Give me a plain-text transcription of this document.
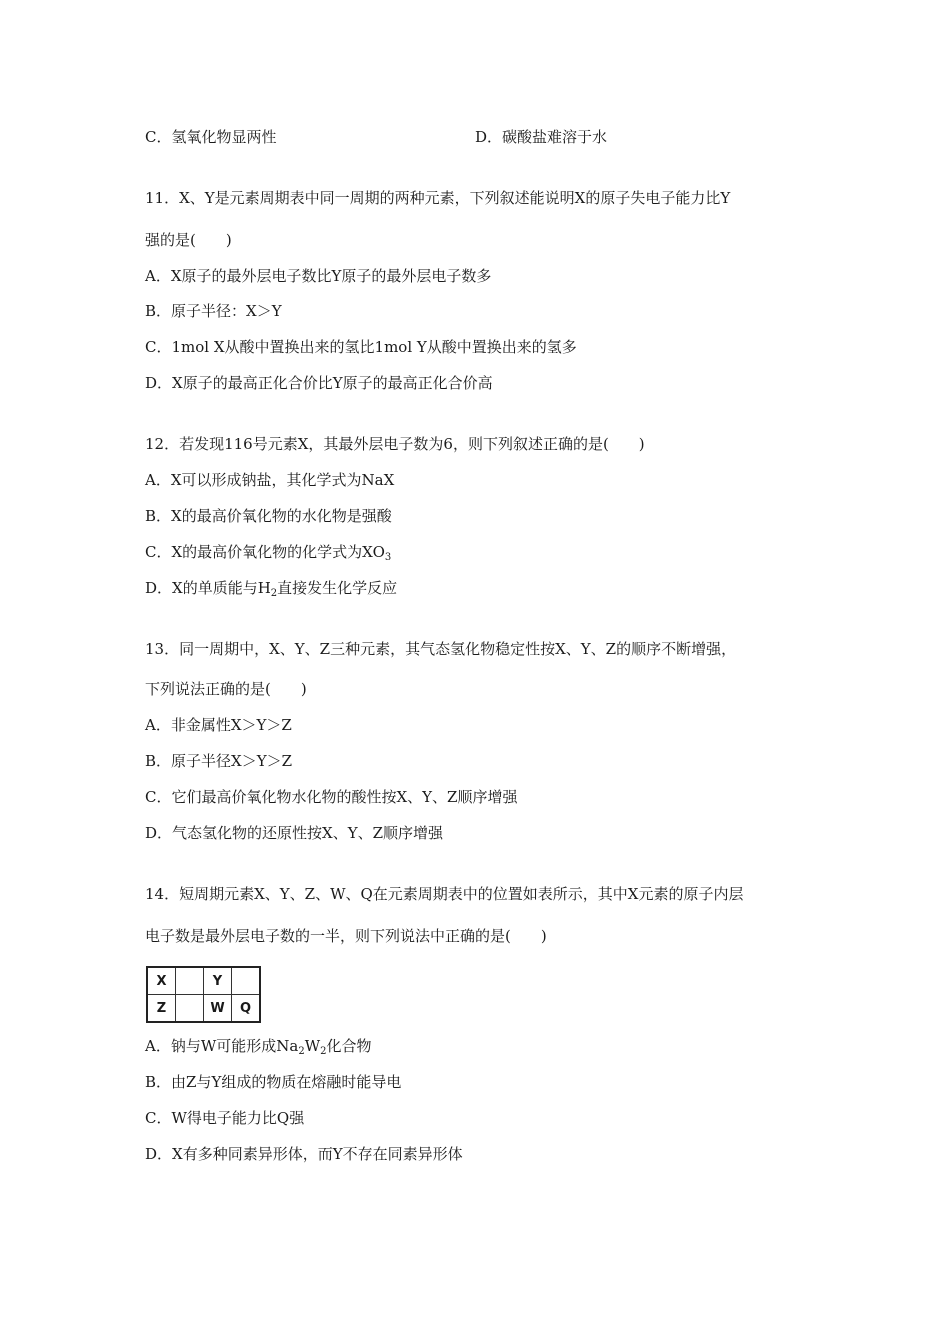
C．氢氧化物显两性	D．碳酸盐难溶于水
11．X、Y是元素周期表中同一周期的两种元素，下列叙述能说明X的原子失电子能力比Y
强的是(　　)
A．X原子的最外层电子数比Y原子的最外层电子数多
B．原子半径：X＞Y
C．1mol X从酸中置换出来的氢比1mol Y从酸中置换出来的氢多
D．X原子的最高正化合价比Y原子的最高正化合价高
12．若发现116号元素X，其最外层电子数为6，则下列叙述正确的是(　　)
A．X可以形成钠盐，其化学式为NaX
B．X的最高价氧化物的水化物是强酸
C．X的最高价氧化物的化学式为$XO_3$
D．X的单质能与$H_2$直接发生化学反应
13．同一周期中，X、Y、Z三种元素，其气态氢化物稳定性按X、Y、Z的顺序不断增强，
下列说法正确的是(　　)
A．非金属性X＞Y＞Z
B．原子半径X＞Y＞Z
C．它们最高价氧化物水化物的酸性按X、Y、Z顺序增强
D．气态氢化物的还原性按X、Y、Z顺序增强
14．短周期元素X、Y、Z、W、Q在元素周期表中的位置如表所示，其中X元素的原子内层
电子数是最外层电子数的一半，则下列说法中正确的是(　　)
X		Y	
Z		W	Q
A．钠与W可能形成$Na_2W_2$化合物
B．由Z与Y组成的物质在熔融时能导电
C．W得电子能力比Q强
D．X有多种同素异形体，而Y不存在同素异形体
